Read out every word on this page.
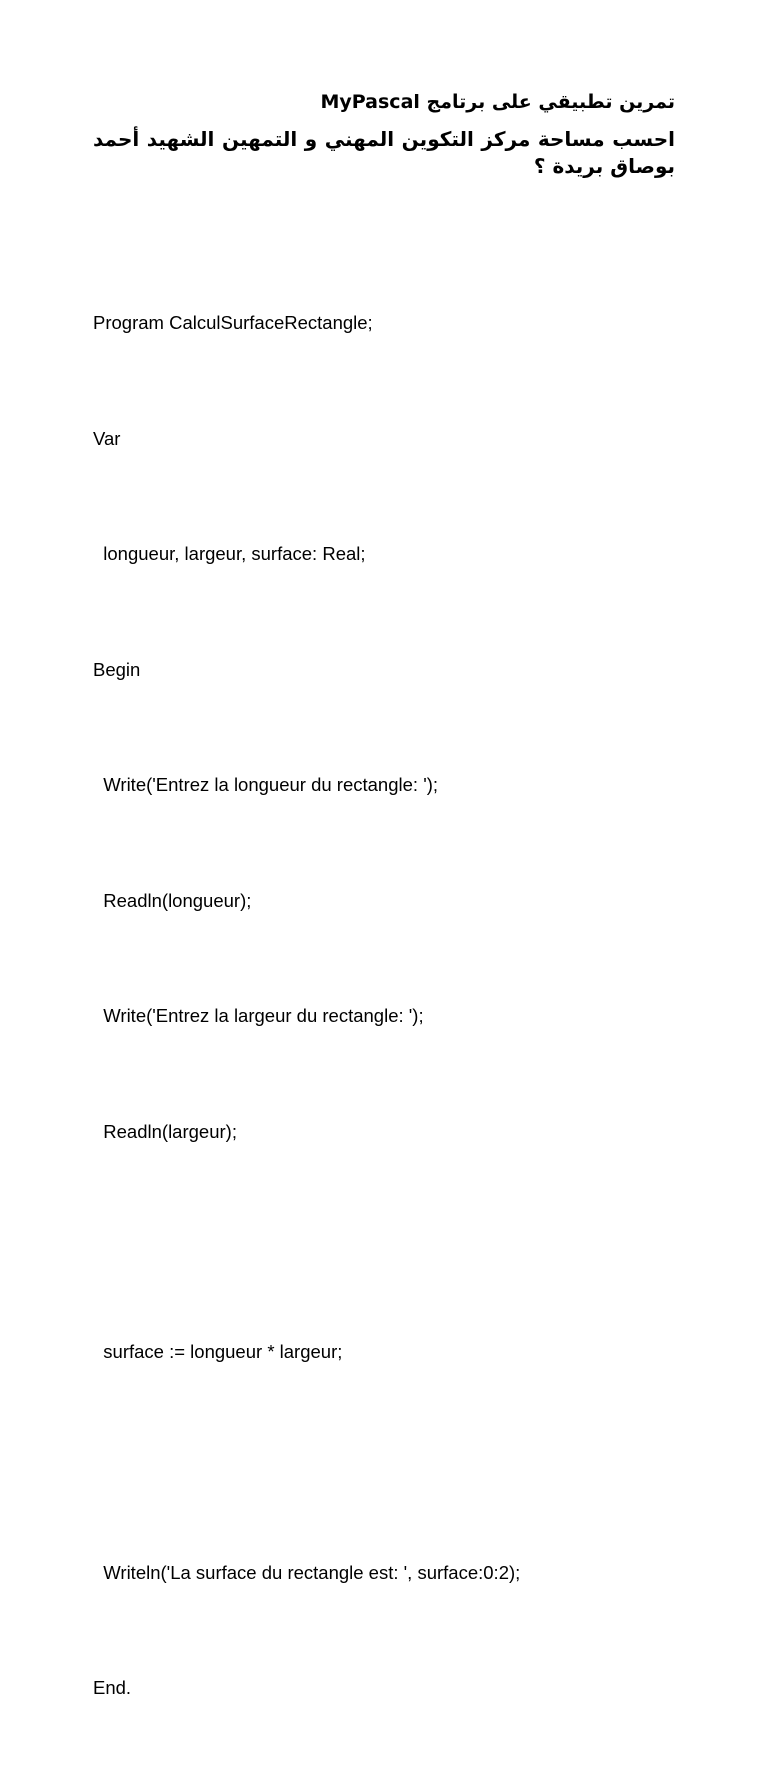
تمرين تطبيقي على برتامج MyPascal
احسب مساحة مركز التكوين المهني و التمهين الشهيد أحمد بوصاق بريدة ؟

Program CalculSurfaceRectangle;

Var

longueur, largeur, surface: Real;

Begin

Write('Entrez la longueur du rectangle: ');

Readln(longueur);

Write('Entrez la largeur du rectangle: ');

Readln(largeur);

surface := longueur * largeur;

Writeln('La surface du rectangle est: ', surface:0:2);

End.
